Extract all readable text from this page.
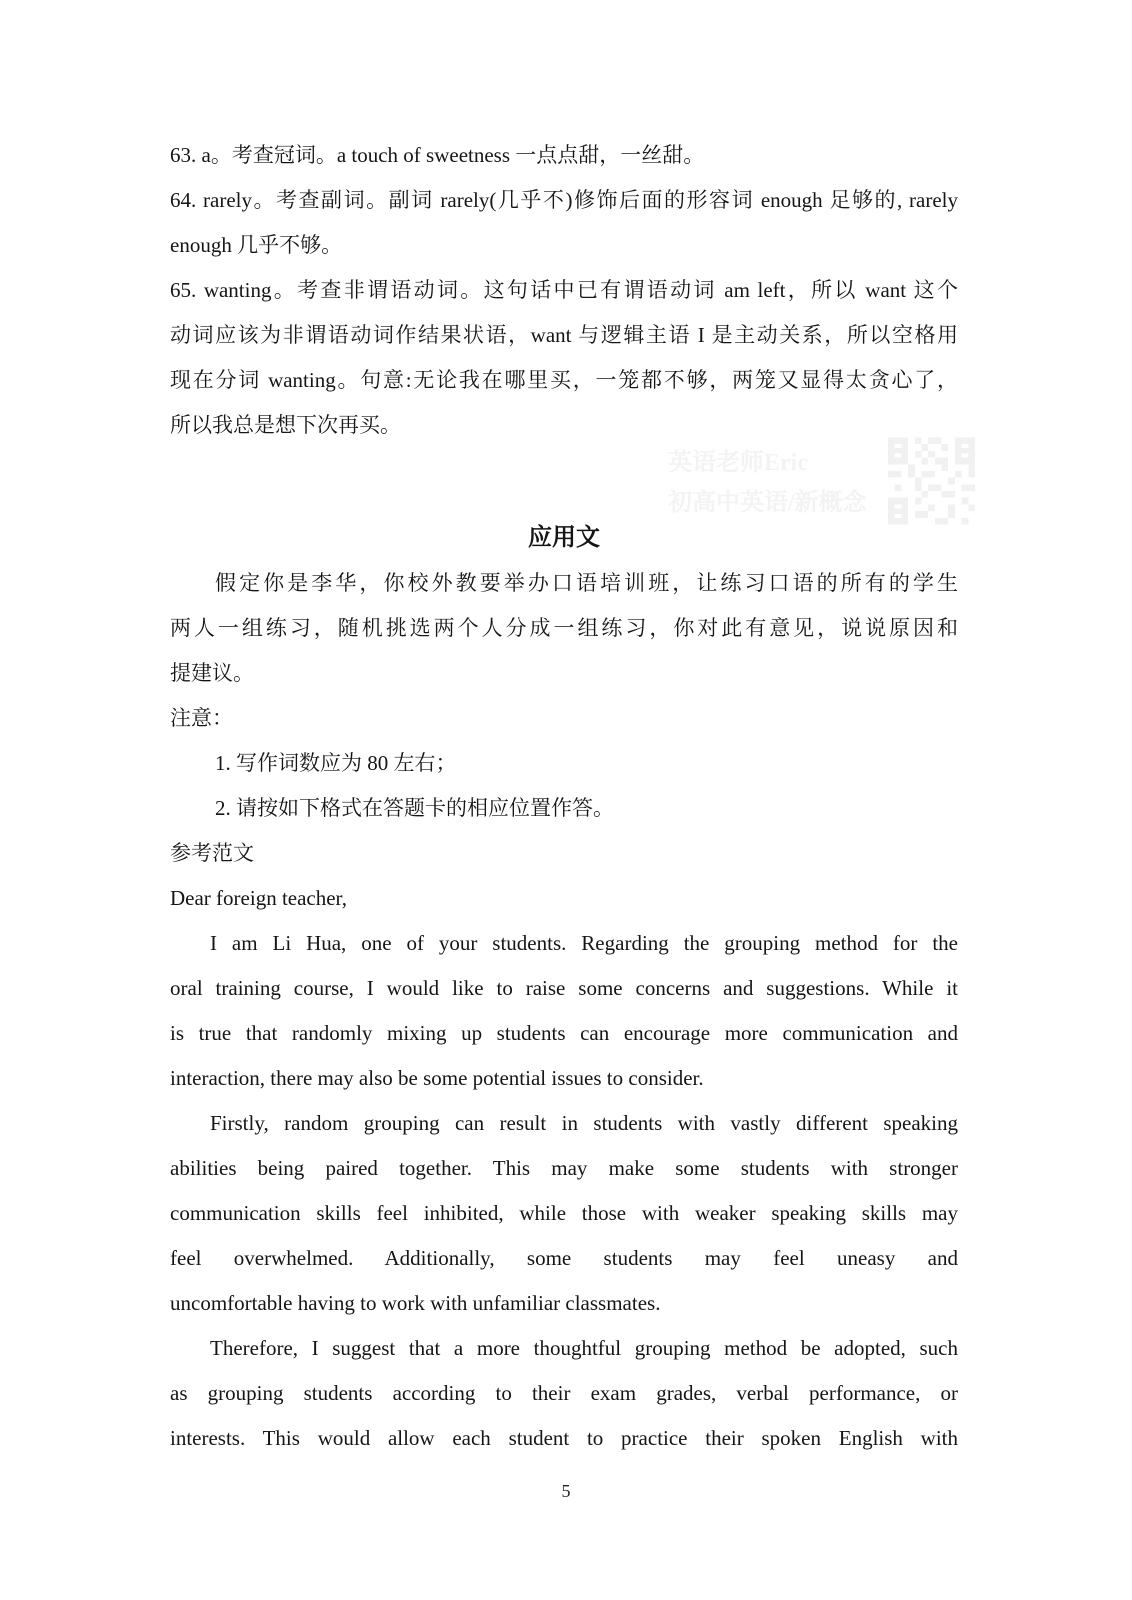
63. a。考查冠词。a touch of sweetness 一点点甜，一丝甜。

64. rarely。考查副词。副词 rarely(几乎不)修饰后面的形容词 enough 足够的, rarely

enough 几乎不够。

65. wanting。考查非谓语动词。这句话中已有谓语动词 am left，所以 want 这个

动词应该为非谓语动词作结果状语，want 与逻辑主语 I 是主动关系，所以空格用

现在分词 wanting。句意:无论我在哪里买，一笼都不够，两笼又显得太贪心了，

所以我总是想下次再买。

应用文

假定你是李华，你校外教要举办口语培训班，让练习口语的所有的学生

两人一组练习，随机挑选两个人分成一组练习，你对此有意见，说说原因和

提建议。

注意：

1. 写作词数应为 80 左右；

2. 请按如下格式在答题卡的相应位置作答。

参考范文

Dear foreign teacher,

I am Li Hua, one of your students. Regarding the grouping method for the

oral training course, I would like to raise some concerns and suggestions. While it

is true that randomly mixing up students can encourage more communication and

interaction, there may also be some potential issues to consider.

Firstly, random grouping can result in students with vastly different speaking

abilities being paired together. This may make some students with stronger

communication skills feel inhibited, while those with weaker speaking skills may

feel overwhelmed. Additionally, some students may feel uneasy and

uncomfortable having to work with unfamiliar classmates.

Therefore, I suggest that a more thoughtful grouping method be adopted, such

as grouping students according to their exam grades, verbal performance, or

interests. This would allow each student to practice their spoken English with

英语老师Eric
初高中英语/新概念
5
